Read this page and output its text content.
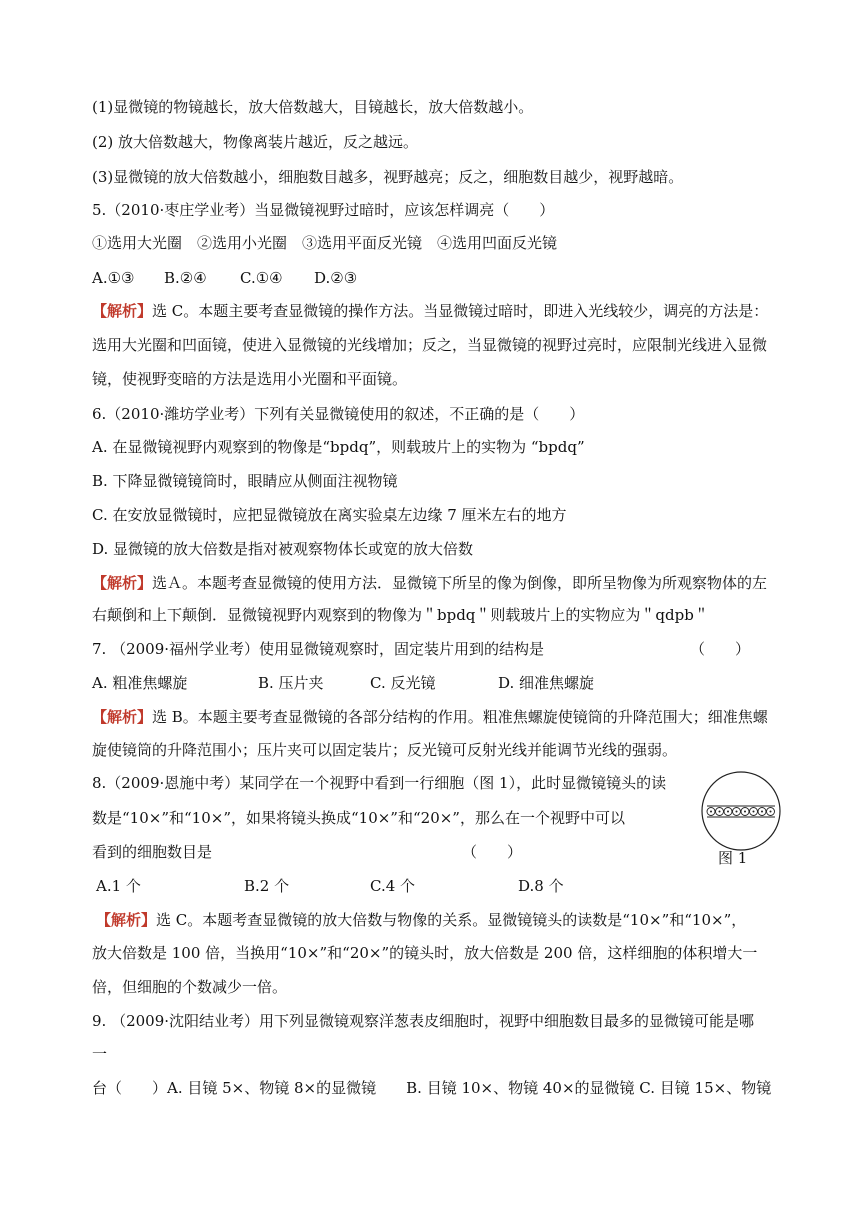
(1)显微镜的物镜越长，放大倍数越大，目镜越长，放大倍数越小。
(2) 放大倍数越大，物像离装片越近，反之越远。
(3)显微镜的放大倍数越小，细胞数目越多，视野越亮；反之，细胞数目越少，视野越暗。
5.（2010·枣庄学业考）当显微镜视野过暗时，应该怎样调亮（　　）
①选用大光圈　②选用小光圈　③选用平面反光镜　④选用凹面反光镜
A.①③ B.②④ C.①④ D.②③
【解析】选 C。本题主要考查显微镜的操作方法。当显微镜过暗时，即进入光线较少，调亮的方法是：
选用大光圈和凹面镜，使进入显微镜的光线增加；反之，当显微镜的视野过亮时，应限制光线进入显微
镜，使视野变暗的方法是选用小光圈和平面镜。
6.（2010·潍坊学业考）下列有关显微镜使用的叙述，不正确的是（　　）
A. 在显微镜视野内观察到的物像是“bpdq”，则载玻片上的实物为 “bpdq”
B. 下降显微镜镜筒时，眼睛应从侧面注视物镜
C. 在安放显微镜时，应把显微镜放在离实验桌左边缘 7 厘米左右的地方
D. 显微镜的放大倍数是指对被观察物体长或宽的放大倍数
【解析】选Ａ。本题考查显微镜的使用方法．显微镜下所呈的像为倒像，即所呈物像为所观察物体的左
右颠倒和上下颠倒．显微镜视野内观察到的物像为＂bpdq＂则载玻片上的实物应为＂qdpb＂
7. （2009·福州学业考）使用显微镜观察时，固定装片用到的结构是	（　　）
A. 粗准焦螺旋	B. 压片夹	C. 反光镜	D. 细准焦螺旋
【解析】选 B。本题主要考查显微镜的各部分结构的作用。粗准焦螺旋使镜筒的升降范围大；细准焦螺
旋使镜筒的升降范围小；压片夹可以固定装片；反光镜可反射光线并能调节光线的强弱。
8.（2009·恩施中考）某同学在一个视野中看到一行细胞（图 1），此时显微镜镜头的读
数是“10×”和“10×”，如果将镜头换成“10×”和“20×”，那么在一个视野中可以
看到的细胞数目是	（　　）	图 1
A.1 个	B.2 个	C.4 个	D.8 个
【解析】选 C。本题考查显微镜的放大倍数与物像的关系。显微镜镜头的读数是“10×”和“10×”，
放大倍数是 100 倍，当换用“10×”和“20×”的镜头时，放大倍数是 200 倍，这样细胞的体积增大一
倍，但细胞的个数减少一倍。
9. （2009·沈阳结业考）用下列显微镜观察洋葱表皮细胞时，视野中细胞数目最多的显微镜可能是哪
一
台（　　）A. 目镜 5×、物镜 8×的显微镜　　B. 目镜 10×、物镜 40×的显微镜 C. 目镜 15×、物镜
